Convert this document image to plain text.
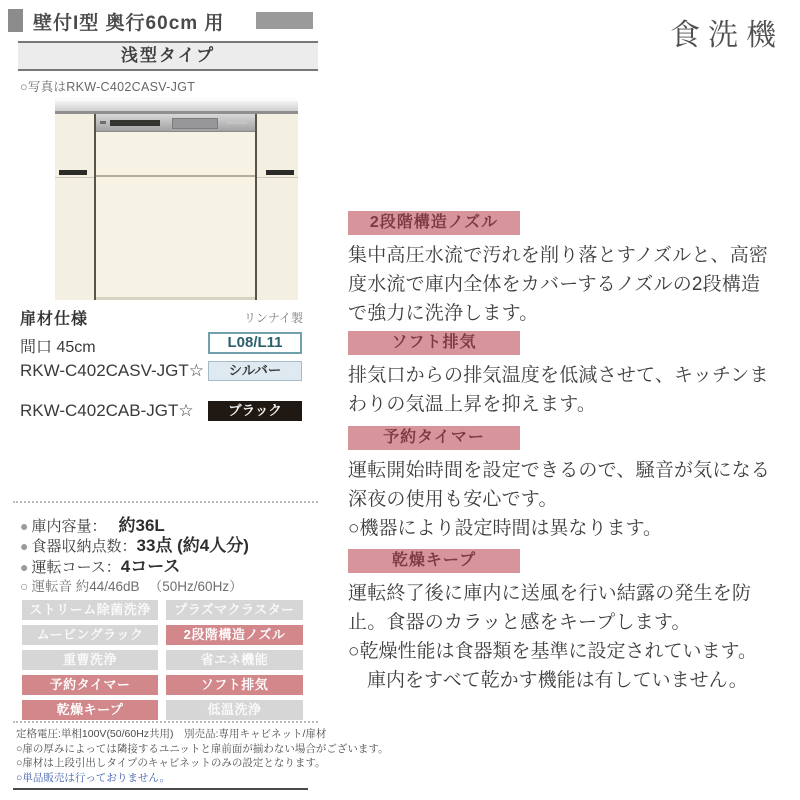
壁付I型 奥行60cm 用
浅型タイプ
○写真はRKW-C402CASV-JGT
リンナイ製
扉材仕様
間口 45cm	L08/L11
RKW-C402CASV-JGT☆	シルバー
RKW-C402CAB-JGT☆	ブラック
● 庫内容量： 約36L
● 食器収納点数：33点 (約4人分)
● 運転コース：4コース
○ 運転音 約44/46dB　 （50Hz/60Hz）
ストリーム除菌洗浄	プラズマクラスター
ムービングラック	2段階構造ノズル
重曹洗浄	省エネ機能
予約タイマー	ソフト排気
乾燥キープ	低温洗浄
定格電圧:単相100V(50/60Hz共用)　別売品:専用キャビネット/扉材
○扉の厚みによっては隣接するユニットと扉前面が揃わない場合がございます。
○扉材は上段引出しタイプのキャビネットのみの設定となります。
○単品販売は行っておりません。
食洗機
2段階構造ノズル
集中高圧水流で汚れを削り落とすノズルと、高密度水流で庫内全体をカバーするノズルの2段構造で強力に洗浄します。
ソフト排気
排気口からの排気温度を低減させて、キッチンまわりの気温上昇を抑えます。
予約タイマー
運転開始時間を設定できるので、騒音が気になる深夜の使用も安心です。
○機器により設定時間は異なります。
乾燥キープ
運転終了後に庫内に送風を行い結露の発生を防止。食器のカラッと感をキープします。
○乾燥性能は食器類を基準に設定されています。
庫内をすべて乾かす機能は有していません。
